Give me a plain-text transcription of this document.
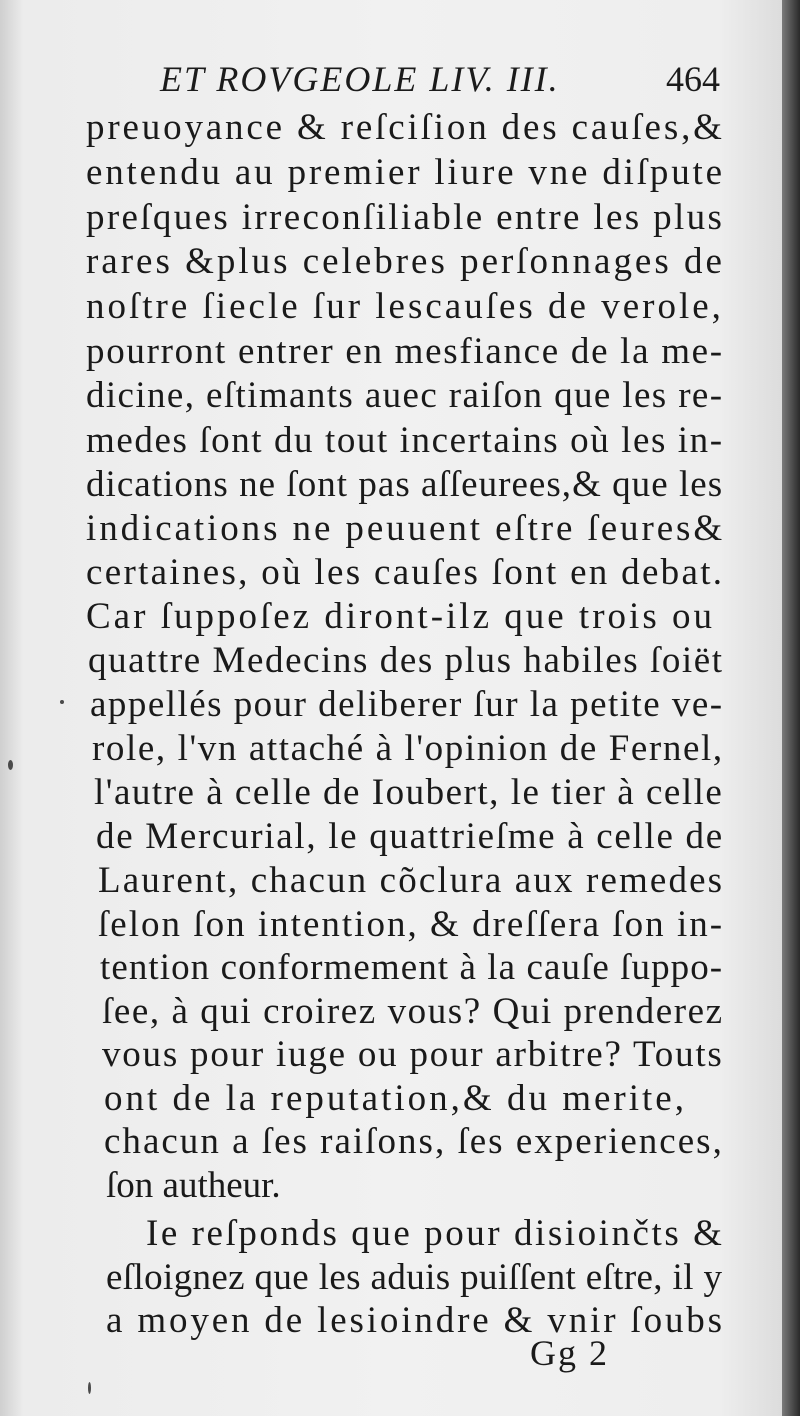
ET ROVGEOLE LIV. III.	464
preuoyance & reſciſion des cauſes,&
entendu au premier liure vne diſpute
preſques irreconſiliable entre les plus
rares &plus celebres perſonnages de
noſtre ſiecle ſur lescauſes de verole,
pourront entrer en mesfiance de la me-
dicine, eſtimants auec raiſon que les re-
medes ſont du tout incertains où les in-
dications ne ſont pas aſſeurees,& que les
indications ne peuuent eſtre ſeures&
certaines, où les cauſes ſont en debat.
Car ſuppoſez diront-ilz que trois ou
quattre Medecins des plus habiles ſoiët
appellés pour deliberer ſur la petite ve-
role, l'vn attaché à l'opinion de Fernel,
l'autre à celle de Ioubert, le tier à celle
de Mercurial, le quattrieſme à celle de
Laurent, chacun cõclura aux remedes
ſelon ſon intention, & dreſſera ſon in-
tention conformement à la cauſe ſuppo-
ſee, à qui croirez vous? Qui prenderez
vous pour iuge ou pour arbitre? Touts
ont de la reputation,& du merite,
chacun a ſes raiſons, ſes experiences,
ſon autheur.
Ie reſponds que pour disioinčts &
eſloignez que les aduis puiſſent eſtre, il y
a moyen de lesioindre & vnir ſoubs
Gg 2
